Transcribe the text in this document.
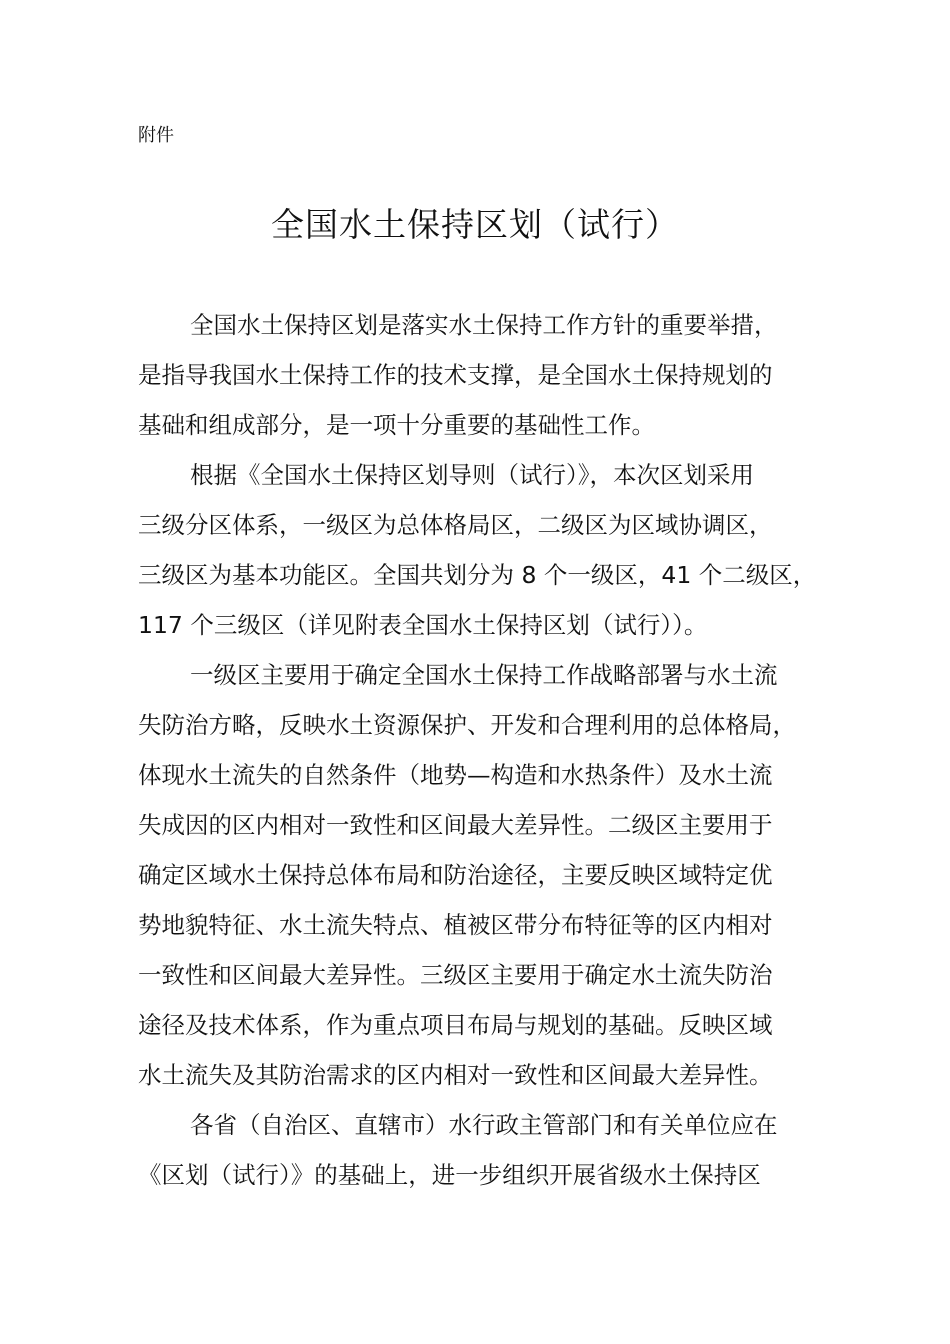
附件
全国水土保持区划（试行）
全国水土保持区划是落实水土保持工作方针的重要举措，
是指导我国水土保持工作的技术支撑，是全国水土保持规划的
基础和组成部分，是一项十分重要的基础性工作。
根据《全国水土保持区划导则（试行）》，本次区划采用
三级分区体系，一级区为总体格局区，二级区为区域协调区，
三级区为基本功能区。全国共划分为 8 个一级区，41 个二级区，
117 个三级区（详见附表全国水土保持区划（试行））。
一级区主要用于确定全国水土保持工作战略部署与水土流
失防治方略，反映水土资源保护、开发和合理利用的总体格局，
体现水土流失的自然条件（地势—构造和水热条件）及水土流
失成因的区内相对一致性和区间最大差异性。二级区主要用于
确定区域水土保持总体布局和防治途径，主要反映区域特定优
势地貌特征、水土流失特点、植被区带分布特征等的区内相对
一致性和区间最大差异性。三级区主要用于确定水土流失防治
途径及技术体系，作为重点项目布局与规划的基础。反映区域
水土流失及其防治需求的区内相对一致性和区间最大差异性。
各省（自治区、直辖市）水行政主管部门和有关单位应在
《区划（试行）》的基础上，进一步组织开展省级水土保持区
